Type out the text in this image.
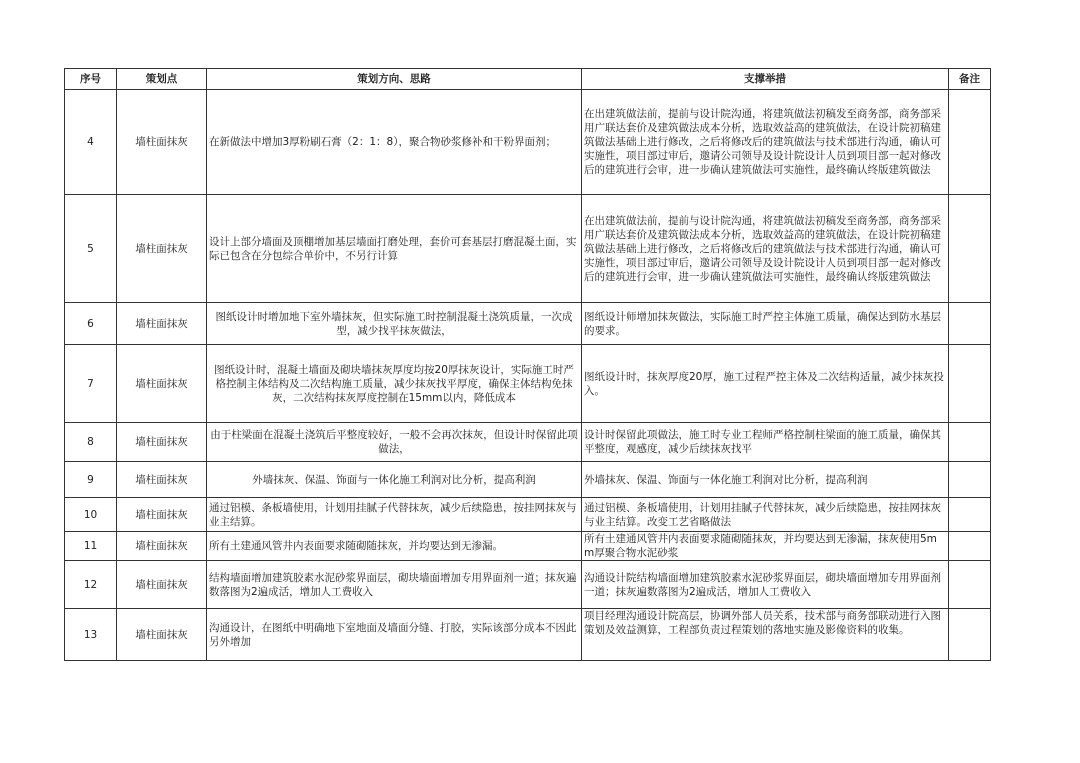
序号	策划点	策划方向、思路	支撑举措	备注
4	墙柱面抹灰	在新做法中增加3厚粉刷石膏（2：1：8），聚合物砂浆修补和干粉界面剂；	在出建筑做法前，提前与设计院沟通，将建筑做法初稿发至商务部，商务部采用广联达套价及建筑做法成本分析，选取效益高的建筑做法，在设计院初稿建筑做法基础上进行修改，之后将修改后的建筑做法与技术部进行沟通，确认可实施性，项目部过审后，邀请公司领导及设计院设计人员到项目部一起对修改后的建筑进行会审，进一步确认建筑做法可实施性，最终确认终版建筑做法	
5	墙柱面抹灰	设计上部分墙面及顶棚增加基层墙面打磨处理，套价可套基层打磨混凝土面，实际已包含在分包综合单价中，不另行计算	在出建筑做法前，提前与设计院沟通，将建筑做法初稿发至商务部，商务部采用广联达套价及建筑做法成本分析，选取效益高的建筑做法，在设计院初稿建筑做法基础上进行修改，之后将修改后的建筑做法与技术部进行沟通，确认可实施性，项目部过审后，邀请公司领导及设计院设计人员到项目部一起对修改后的建筑进行会审，进一步确认建筑做法可实施性，最终确认终版建筑做法	
6	墙柱面抹灰	图纸设计时增加地下室外墙抹灰，但实际施工时控制混凝土浇筑质量，一次成型，减少找平抹灰做法，	图纸设计师增加抹灰做法，实际施工时严控主体施工质量，确保达到防水基层的要求。	
7	墙柱面抹灰	图纸设计时，混凝土墙面及砌块墙抹灰厚度均按20厚抹灰设计，实际施工时严格控制主体结构及二次结构施工质量，减少抹灰找平厚度，确保主体结构免抹灰，二次结构抹灰厚度控制在15mm以内，降低成本	图纸设计时，抹灰厚度20厚，施工过程严控主体及二次结构适量，减少抹灰投入。	
8	墙柱面抹灰	由于柱梁面在混凝土浇筑后平整度较好，一般不会再次抹灰，但设计时保留此项做法，	设计时保留此项做法，施工时专业工程师严格控制柱梁面的施工质量，确保其平整度，观感度，减少后续抹灰找平	
9	墙柱面抹灰	外墙抹灰、保温、饰面与一体化施工利润对比分析，提高利润	外墙抹灰、保温、饰面与一体化施工利润对比分析，提高利润	
10	墙柱面抹灰	通过铝模、条板墙使用，计划用挂腻子代替抹灰，减少后续隐患，按挂网抹灰与业主结算。	通过铝模、条板墙使用，计划用挂腻子代替抹灰，减少后续隐患，按挂网抹灰与业主结算。改变工艺省略做法	
11	墙柱面抹灰	所有土建通风管井内表面要求随砌随抹灰，并均要达到无渗漏。	所有土建通风管井内表面要求随砌随抹灰，并均要达到无渗漏，抹灰使用5mm厚聚合物水泥砂浆	
12	墙柱面抹灰	结构墙面增加建筑胶素水泥砂浆界面层，砌块墙面增加专用界面剂一道；抹灰遍数落图为2遍成活，增加人工费收入	沟通设计院结构墙面增加建筑胶素水泥砂浆界面层，砌块墙面增加专用界面剂一道；抹灰遍数落图为2遍成活，增加人工费收入	
13	墙柱面抹灰	沟通设计，在图纸中明确地下室地面及墙面分缝、打胶，实际该部分成本不因此另外增加	项目经理沟通设计院高层，协调外部人员关系，技术部与商务部联动进行入图策划及效益测算，工程部负责过程策划的落地实施及影像资料的收集。	
